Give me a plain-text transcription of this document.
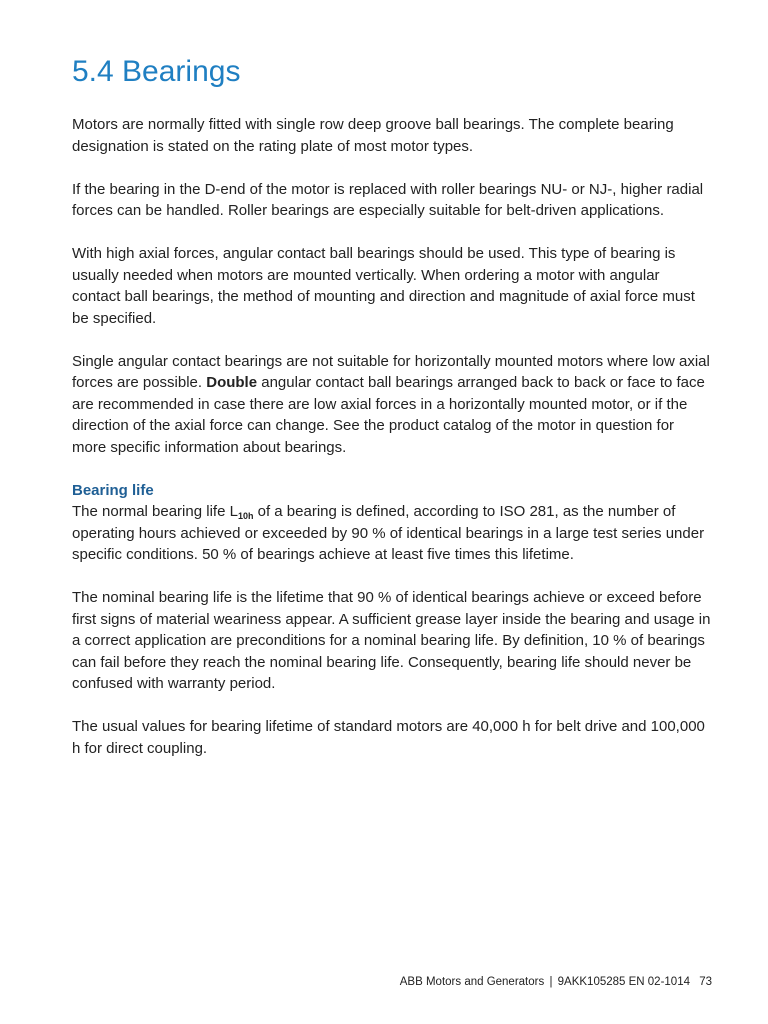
5.4 Bearings

Motors are normally fitted with single row deep groove ball bearings. The complete bearing designation is stated on the rating plate of most motor types.

If the bearing in the D-end of the motor is replaced with roller bearings NU- or NJ-, higher radial forces can be handled. Roller bearings are especially suitable for belt-driven applications.

With high axial forces, angular contact ball bearings should be used. This type of bearing is usually needed when motors are mounted vertically. When ordering a motor with angular contact ball bearings, the method of mounting and direction and magnitude of axial force must be specified.

Single angular contact bearings are not suitable for horizontally mounted motors where low axial forces are possible. Double angular contact ball bearings arranged back to back or face to face are recommended in case there are low axial forces in a horizontally mounted motor, or if the direction of the axial force can change. See the product catalog of the motor in question for more specific information about bearings.

Bearing life

The normal bearing life $L_{10h}$ of a bearing is defined, according to ISO 281, as the number of operating hours achieved or exceeded by 90 % of identical bearings in a large test series under specific conditions. 50 % of bearings achieve at least five times this lifetime.

The nominal bearing life is the lifetime that 90 % of identical bearings achieve or exceed before first signs of material weariness appear. A sufficient grease layer inside the bearing and usage in a correct application are preconditions for a nominal bearing life. By definition, 10 % of bearings can fail before they reach the nominal bearing life. Consequently, bearing life should never be confused with warranty period.

The usual values for bearing lifetime of standard motors are 40,000 h for belt drive and 100,000 h for direct coupling.

ABB Motors and Generators | 9AKK105285 EN 02-1014 73
